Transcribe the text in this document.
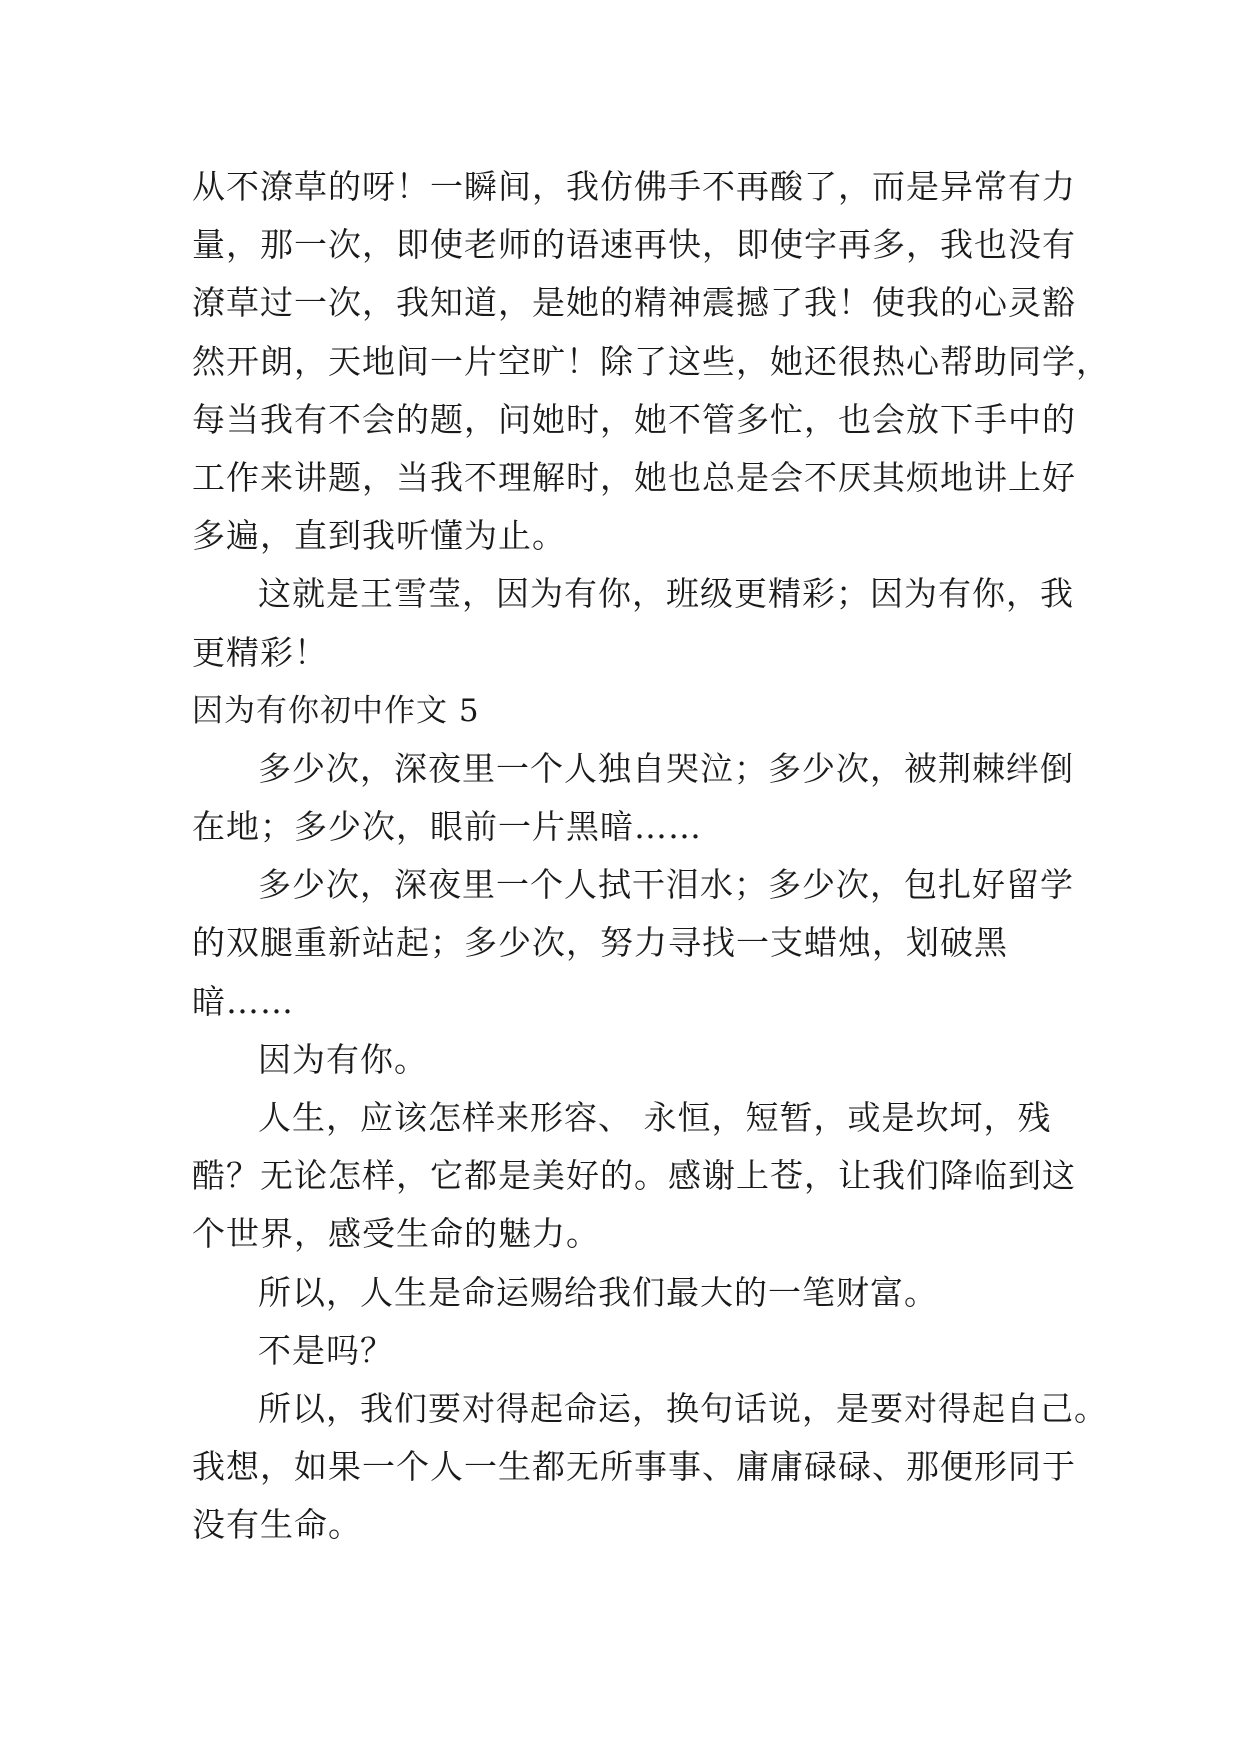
从不潦草的呀！一瞬间，我仿佛手不再酸了，而是异常有力
量，那一次，即使老师的语速再快，即使字再多，我也没有
潦草过一次，我知道，是她的精神震撼了我！使我的心灵豁
然开朗，天地间一片空旷！除了这些，她还很热心帮助同学，
每当我有不会的题，问她时，她不管多忙，也会放下手中的
工作来讲题，当我不理解时，她也总是会不厌其烦地讲上好
多遍，直到我听懂为止。
这就是王雪莹，因为有你，班级更精彩；因为有你，我
更精彩！
因为有你初中作文 5
多少次，深夜里一个人独自哭泣；多少次，被荆棘绊倒
在地；多少次，眼前一片黑暗……
多少次，深夜里一个人拭干泪水；多少次，包扎好留学
的双腿重新站起；多少次，努力寻找一支蜡烛，划破黑
暗……
因为有你。
人生，应该怎样来形容、 永恒，短暂，或是坎坷，残
酷？无论怎样，它都是美好的。感谢上苍，让我们降临到这
个世界，感受生命的魅力。
所以，人生是命运赐给我们最大的一笔财富。
不是吗？
所以，我们要对得起命运，换句话说，是要对得起自己。
我想，如果一个人一生都无所事事、庸庸碌碌、那便形同于
没有生命。
